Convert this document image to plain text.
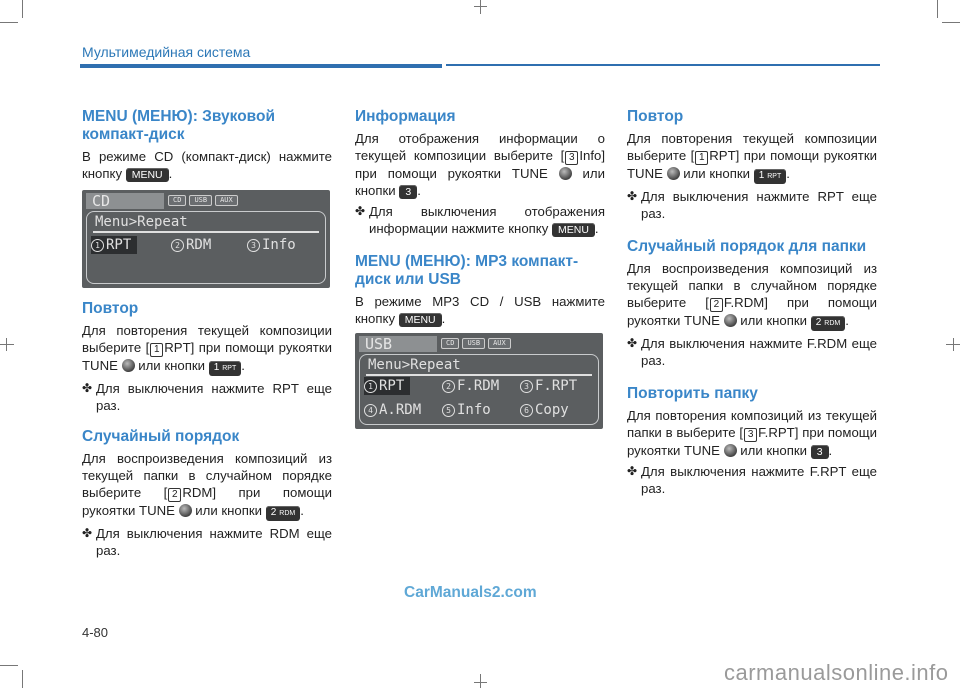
Мультимедийная система
MENU (МЕНЮ): Звуковой компакт-диск

В режиме CD (компакт-диск) нажмите кнопку MENU .

CD	CD	USB	AUX
Menu>Repeat
1 RPT	2 RDM	3 Info
Повтор

Для повторения текущей композиции выберите [ 1 RPT] при помощи рукоятки TUNE или кнопки 1 RPT .

✤ Для выключения нажмите RPT еще раз.
Случайный порядок

Для воспроизведения композиций из текущей папки в случайном порядке выберите [ 2 RDM] при помощи рукоятки TUNE или кнопки 2 RDM .

✤ Для выключения нажмите RDM еще раз.
Информация

Для отображения информации о текущей композиции выберите [ 3 Info] при помощи рукоятки TUNE	или кнопки 3 .

✤ Для выключения отображения информации нажмите кнопку MENU .
MENU (МЕНЮ): MP3 компакт-диск или USB

В режиме MP3 CD / USB нажмите кнопку MENU .

USB	CD	USB	AUX
Menu>Repeat
1 RPT	2 F.RDM	3 F.RPT
4 A.RDM	5 Info	6 Copy
Повтор

Для повторения текущей композиции выберите [ 1 RPT] при помощи рукоятки TUNE или кнопки 1 RPT .

✤ Для выключения нажмите RPT еще раз.
Случайный порядок для папки

Для воспроизведения композиций из текущей папки в случайном порядке выберите [ 2 F.RDM] при помощи рукоятки TUNE или кнопки 2 RDM .

✤ Для выключения нажмите F.RDM еще раз.
Повторить папку

Для повторения композиций из текущей папки в выберите [ 3 F.RPT] при помощи рукоятки TUNE или кнопки 3 .

✤ Для выключения нажмите F.RPT еще раз.
CarManuals2.com
4-80
carmanualsonline.info
